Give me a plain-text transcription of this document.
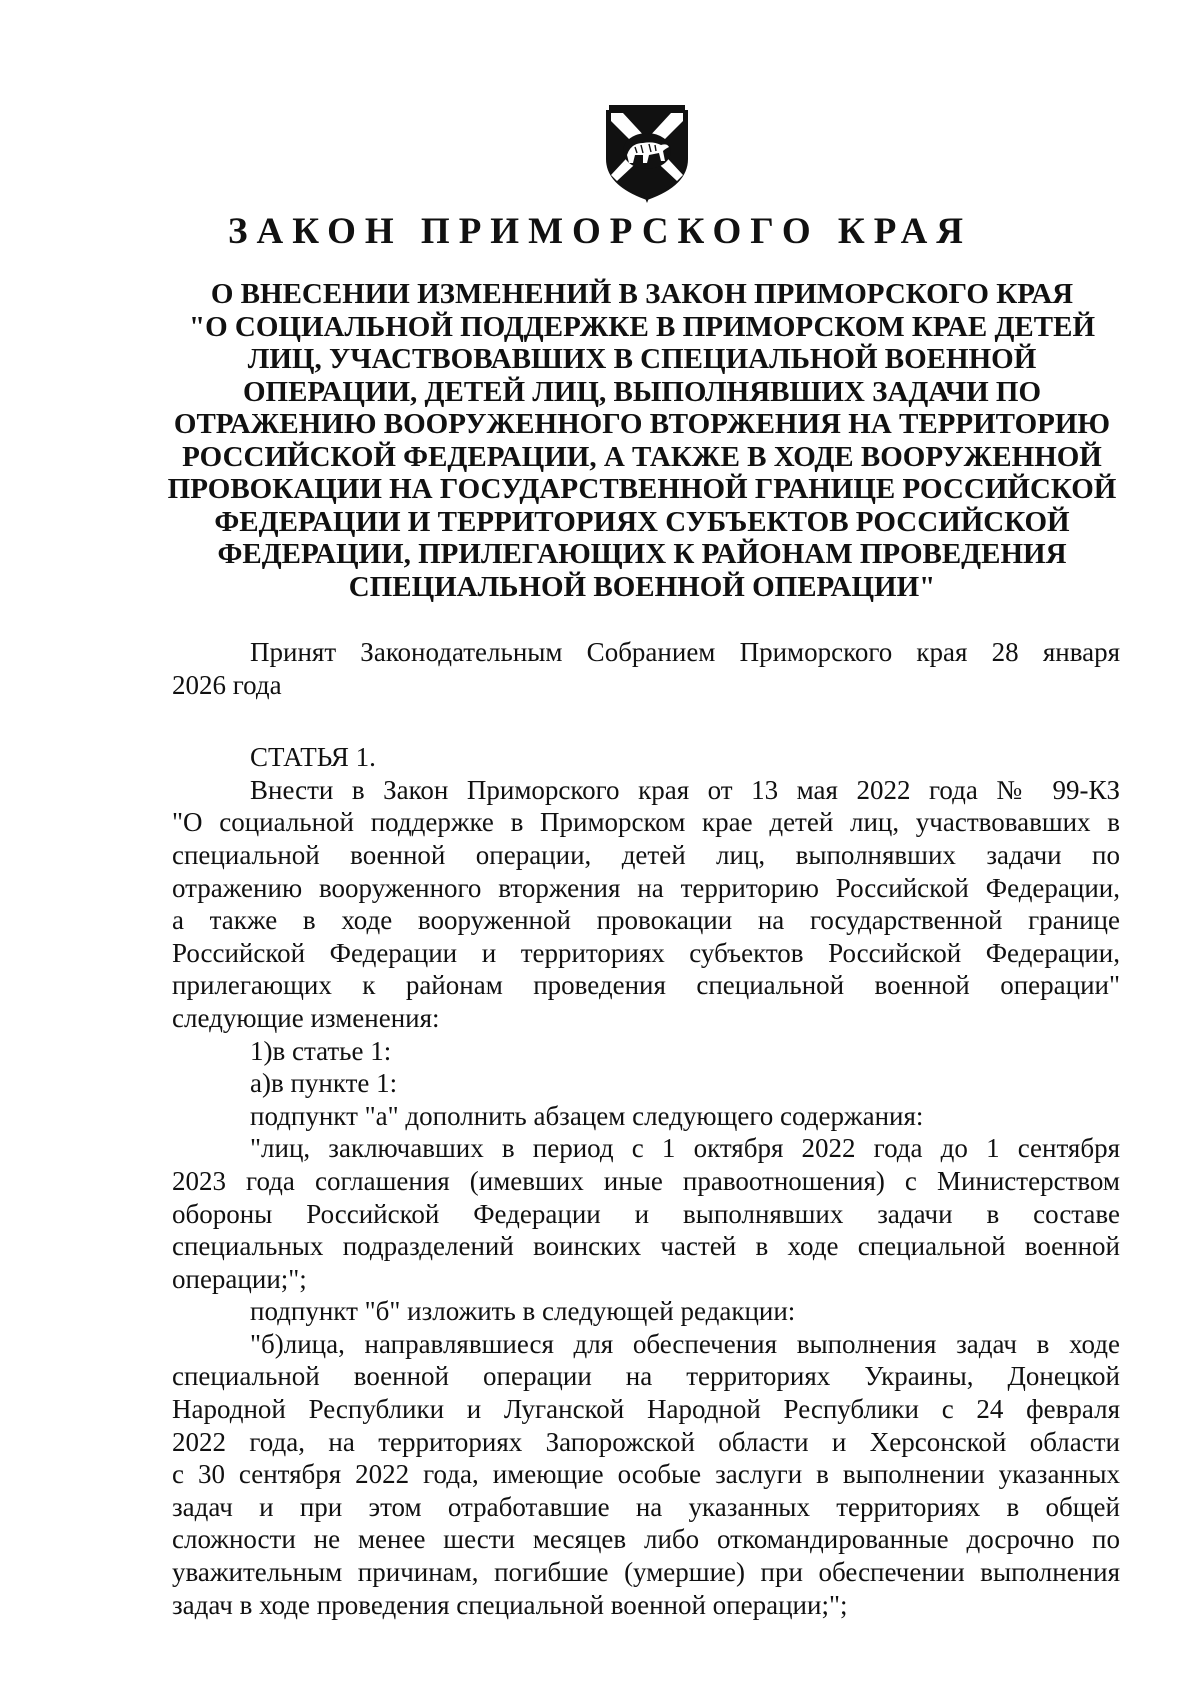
ЗАКОН ПРИМОРСКОГО КРАЯ
О ВНЕСЕНИИ ИЗМЕНЕНИЙ В ЗАКОН ПРИМОРСКОГО КРАЯ
"О СОЦИАЛЬНОЙ ПОДДЕРЖКЕ В ПРИМОРСКОМ КРАЕ ДЕТЕЙ
ЛИЦ, УЧАСТВОВАВШИХ В СПЕЦИАЛЬНОЙ ВОЕННОЙ
ОПЕРАЦИИ, ДЕТЕЙ ЛИЦ, ВЫПОЛНЯВШИХ ЗАДАЧИ ПО
ОТРАЖЕНИЮ ВООРУЖЕННОГО ВТОРЖЕНИЯ НА ТЕРРИТОРИЮ
РОССИЙСКОЙ ФЕДЕРАЦИИ, А ТАКЖЕ В ХОДЕ ВООРУЖЕННОЙ
ПРОВОКАЦИИ НА ГОСУДАРСТВЕННОЙ ГРАНИЦЕ РОССИЙСКОЙ
ФЕДЕРАЦИИ И ТЕРРИТОРИЯХ СУБЪЕКТОВ РОССИЙСКОЙ
ФЕДЕРАЦИИ, ПРИЛЕГАЮЩИХ К РАЙОНАМ ПРОВЕДЕНИЯ
СПЕЦИАЛЬНОЙ ВОЕННОЙ ОПЕРАЦИИ"
Принят Законодательным Собранием Приморского края 28 января
2026 года
СТАТЬЯ 1.
Внести в Закон Приморского края от 13 мая 2022 года № 99-КЗ
"О социальной поддержке в Приморском крае детей лиц, участвовавших в
специальной военной операции, детей лиц, выполнявших задачи по
отражению вооруженного вторжения на территорию Российской Федерации,
а также в ходе вооруженной провокации на государственной границе
Российской Федерации и территориях субъектов Российской Федерации,
прилегающих к районам проведения специальной военной операции"
следующие изменения:
1)в статье 1:
а)в пункте 1:
подпункт "а" дополнить абзацем следующего содержания:
"лиц, заключавших в период с 1 октября 2022 года до 1 сентября
2023 года соглашения (имевших иные правоотношения) с Министерством
обороны Российской Федерации и выполнявших задачи в составе
специальных подразделений воинских частей в ходе специальной военной
операции;";
подпункт "б" изложить в следующей редакции:
"б)лица, направлявшиеся для обеспечения выполнения задач в ходе
специальной военной операции на территориях Украины, Донецкой
Народной Республики и Луганской Народной Республики с 24 февраля
2022 года, на территориях Запорожской области и Херсонской области
с 30 сентября 2022 года, имеющие особые заслуги в выполнении указанных
задач и при этом отработавшие на указанных территориях в общей
сложности не менее шести месяцев либо откомандированные досрочно по
уважительным причинам, погибшие (умершие) при обеспечении выполнения
задач в ходе проведения специальной военной операции;";
